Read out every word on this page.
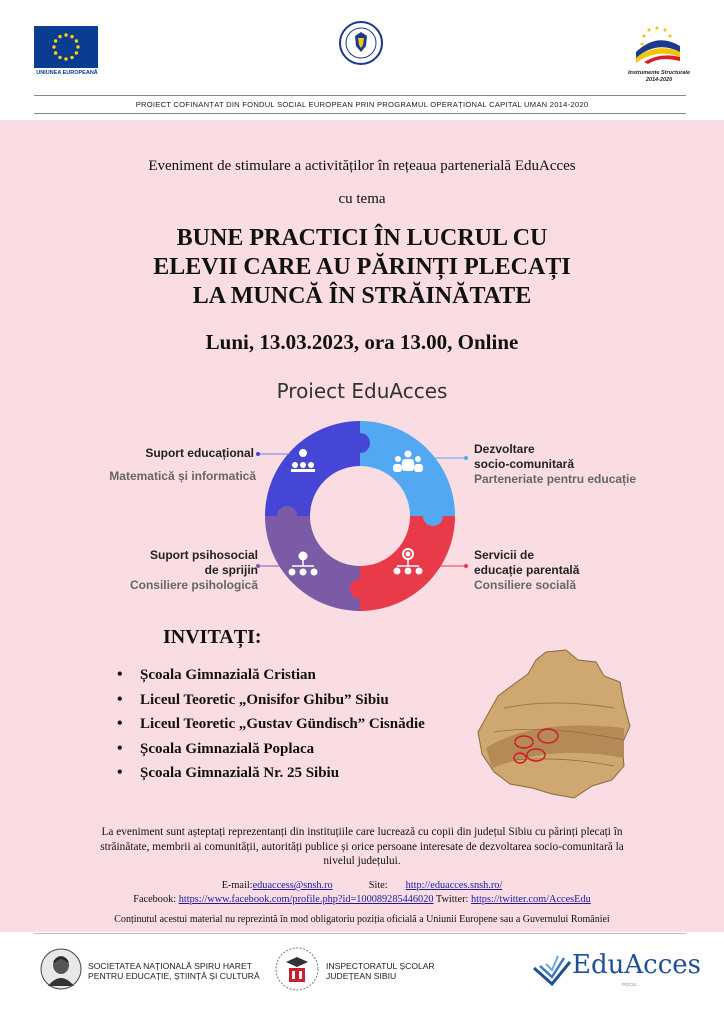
UNIUNEA EUROPEANĂ	Instrumente Structurale
2014-2020
PROIECT COFINANȚAT DIN FONDUL SOCIAL EUROPEAN PRIN PROGRAMUL OPERAȚIONAL CAPITAL UMAN 2014-2020
Eveniment de stimulare a activităților în rețeaua partenerială EduAcces
cu tema
BUNE PRACTICI ÎN LUCRUL CU
ELEVII CARE AU PĂRINȚI PLECAȚI
LA MUNCĂ ÎN STRĂINĂTATE
Luni, 13.03.2023, ora 13.00, Online
Proiect EduAcces
Suport educațional
Matematică și informatică
Dezvoltare
socio-comunitară
Parteneriate pentru educație
Servicii de
educație parentală
Consiliere socială
Suport psihosocial
de sprijin
Consiliere psihologică
INVITAȚI:
• Școala Gimnazială Cristian
• Liceul Teoretic „Onisifor Ghibu” Sibiu
• Liceul Teoretic „Gustav Gündisch” Cisnădie
• Școala Gimnazială Poplaca
• Școala Gimnazială Nr. 25 Sibiu
La eveniment sunt așteptați reprezentanți din instituțiile care lucrează cu copii din județul Sibiu cu părinți plecați în străinătate, membrii ai comunității, autorități publice și orice persoane interesate de dezvoltarea socio-comunitară la nivelul județului.
E-mail:eduaccess@snsh.ro	Site: http://eduacces.snsh.ro/
Facebook: https://www.facebook.com/profile.php?id=100089285446020 Twitter: https://twitter.com/AccesEdu
Conținutul acestui material nu reprezintă în mod obligatoriu poziția oficială a Uniunii Europene sau a Guvernului României
SOCIETATEA NAȚIONALĂ SPIRU HARET
PENTRU EDUCAȚIE, ȘTIINȚĂ ȘI CULTURĂ
INSPECTORATUL ȘCOLAR
JUDEȚEAN SIBIU	EduAcces
POCU/...
